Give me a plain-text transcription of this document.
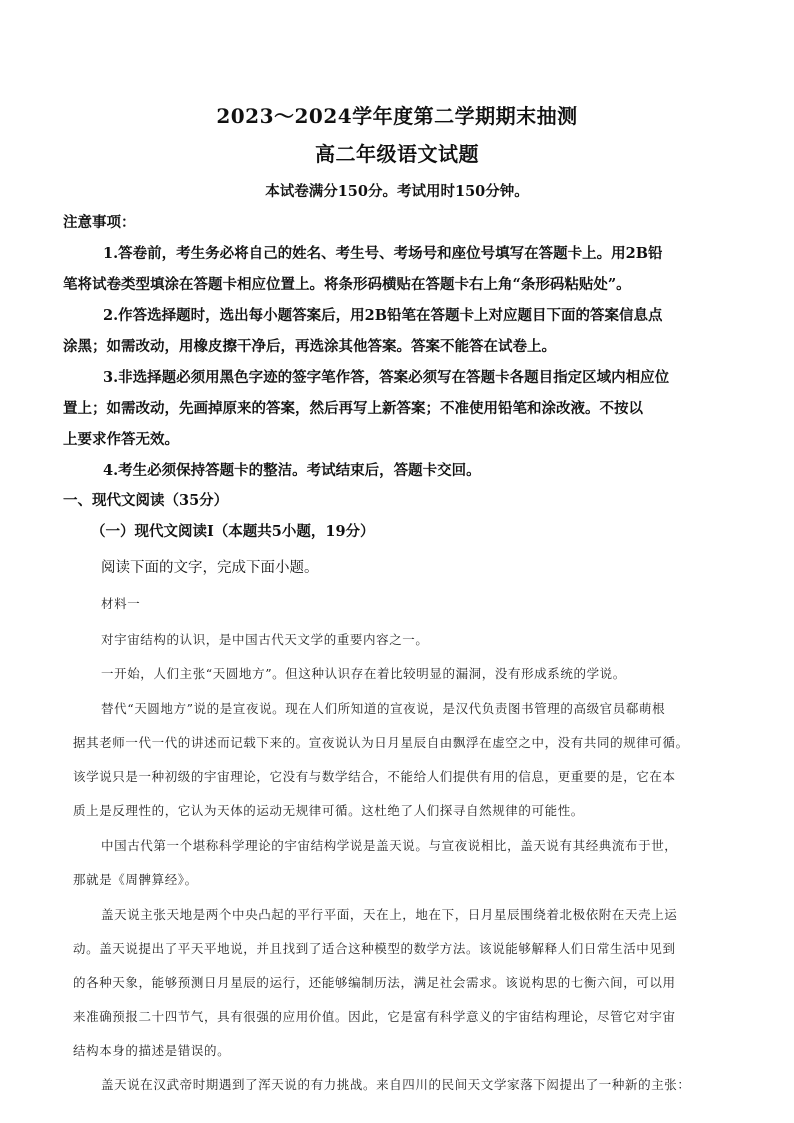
2023～2024学年度第二学期期末抽测
高二年级语文试题
本试卷满分150分。考试用时150分钟。
注意事项：
1.答卷前，考生务必将自己的姓名、考生号、考场号和座位号填写在答题卡上。用2B铅
笔将试卷类型填涂在答题卡相应位置上。将条形码横贴在答题卡右上角“条形码粘贴处”。
2.作答选择题时，选出每小题答案后，用2B铅笔在答题卡上对应题目下面的答案信息点
涂黑；如需改动，用橡皮擦干净后，再选涂其他答案。答案不能答在试卷上。
3.非选择题必须用黑色字迹的签字笔作答，答案必须写在答题卡各题目指定区域内相应位
置上；如需改动，先画掉原来的答案，然后再写上新答案；不准使用铅笔和涂改液。不按以
上要求作答无效。
4.考生必须保持答题卡的整洁。考试结束后，答题卡交回。
一、现代文阅读（35分）
（一）现代文阅读Ⅰ（本题共5小题，19分）
阅读下面的文字，完成下面小题。
材料一
对宇宙结构的认识，是中国古代天文学的重要内容之一。
一开始，人们主张“天圆地方”。但这种认识存在着比较明显的漏洞，没有形成系统的学说。
替代“天圆地方”说的是宣夜说。现在人们所知道的宣夜说，是汉代负责图书管理的高级官员郗萌根
据其老师一代一代的讲述而记载下来的。宣夜说认为日月星辰自由飘浮在虚空之中，没有共同的规律可循。
该学说只是一种初级的宇宙理论，它没有与数学结合，不能给人们提供有用的信息，更重要的是，它在本
质上是反理性的，它认为天体的运动无规律可循。这杜绝了人们探寻自然规律的可能性。
中国古代第一个堪称科学理论的宇宙结构学说是盖天说。与宣夜说相比，盖天说有其经典流布于世，
那就是《周髀算经》。
盖天说主张天地是两个中央凸起的平行平面，天在上，地在下，日月星辰围绕着北极依附在天壳上运
动。盖天说提出了平天平地说，并且找到了适合这种模型的数学方法。该说能够解释人们日常生活中见到
的各种天象，能够预测日月星辰的运行，还能够编制历法，满足社会需求。该说构思的七衡六间，可以用
来准确预报二十四节气，具有很强的应用价值。因此，它是富有科学意义的宇宙结构理论，尽管它对宇宙
结构本身的描述是错误的。
盖天说在汉武帝时期遇到了浑天说的有力挑战。来自四川的民间天文学家落下闳提出了一种新的主张：
